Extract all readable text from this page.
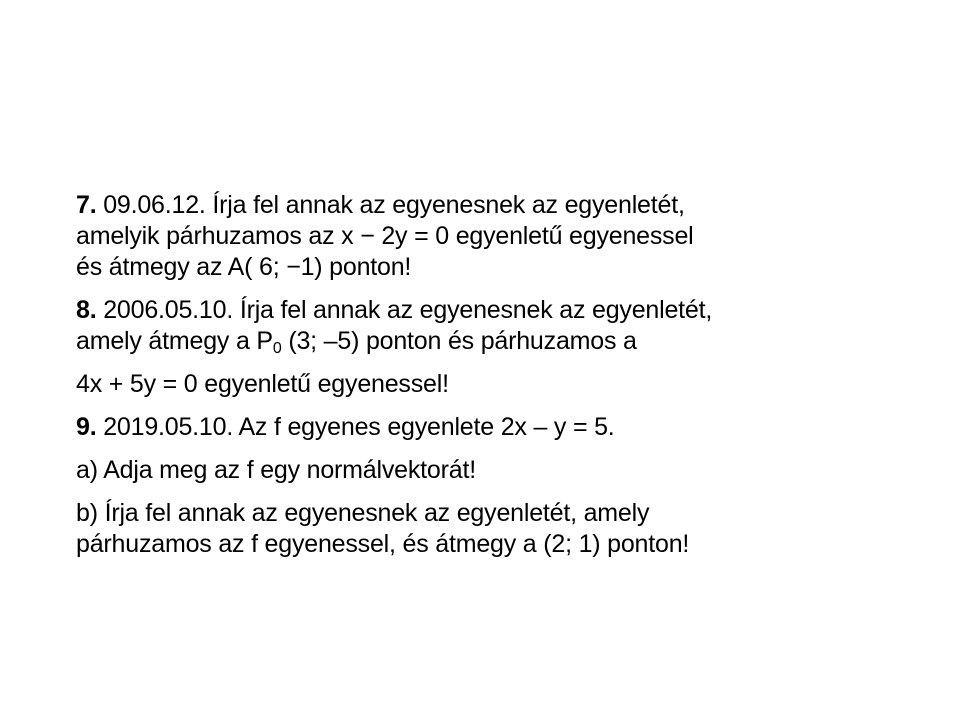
7. 09.06.12. Írja fel annak az egyenesnek az egyenletét,
amelyik párhuzamos az x − 2y = 0 egyenletű egyenessel
és átmegy az A( 6; −1) ponton!
8. 2006.05.10. Írja fel annak az egyenesnek az egyenletét,
amely átmegy a $P_0$ (3; –5) ponton és párhuzamos a
4x + 5y = 0 egyenletű egyenessel!
9. 2019.05.10. Az f egyenes egyenlete 2x – y = 5.
a) Adja meg az f egy normálvektorát!
b) Írja fel annak az egyenesnek az egyenletét, amely
párhuzamos az f egyenessel, és átmegy a (2; 1) ponton!
